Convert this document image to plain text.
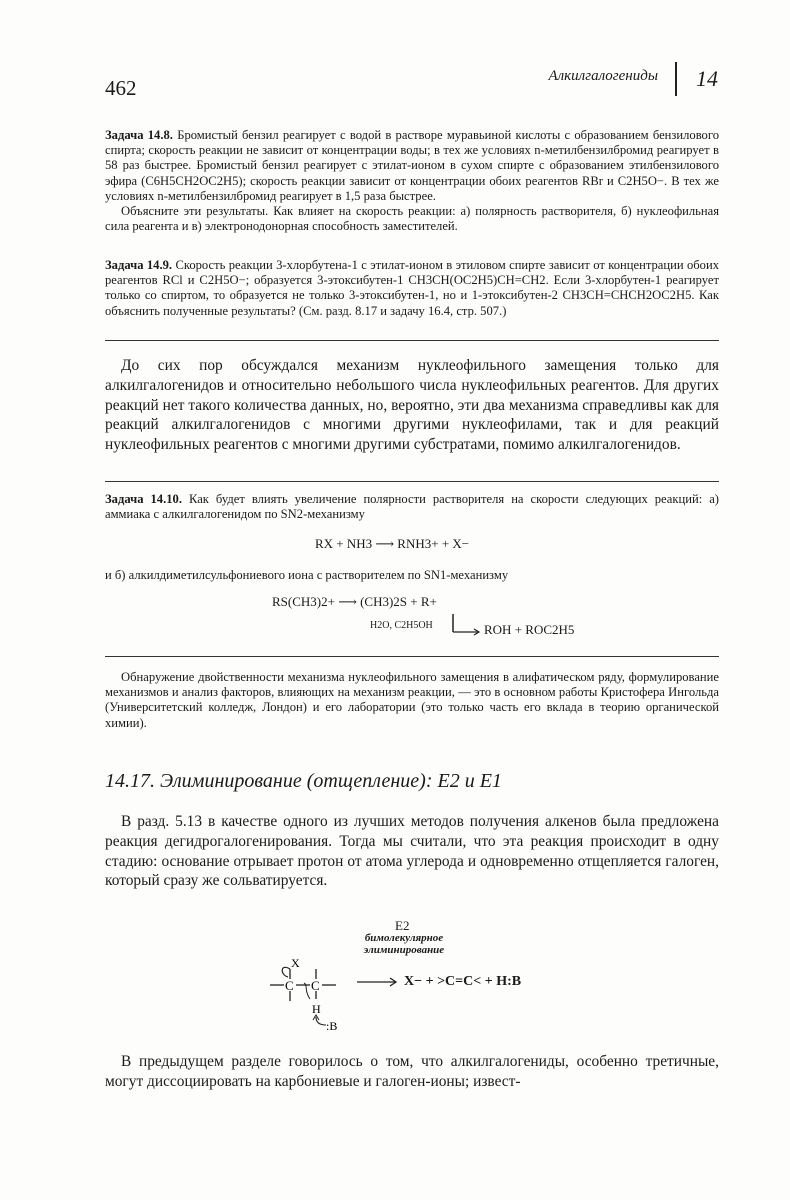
462	Алкилгалогениды 14

Задача 14.8. Бромистый бензил реагирует с водой в растворе муравьиной кислоты с образованием бензилового спирта; скорость реакции не зависит от концентрации воды; в тех же условиях n-метилбензилбромид реагирует в 58 раз быстрее. Бромистый бензил реагирует с этилат-ионом в сухом спирте с образованием этилбензилового эфира (C6H5CH2OC2H5); скорость реакции зависит от концентрации обоих реагентов RBr и C2H5O−. В тех же условиях n-метилбензилбромид реагирует в 1,5 раза быстрее.

Объясните эти результаты. Как влияет на скорость реакции: а) полярность растворителя, б) нуклеофильная сила реагента и в) электронодонорная способность заместителей.

Задача 14.9. Скорость реакции 3-хлорбутена-1 с этилат-ионом в этиловом спирте зависит от концентрации обоих реагентов RCl и C2H5O−; образуется 3-этоксибутен-1 CH3CH(OC2H5)CH=CH2. Если 3-хлорбутен-1 реагирует только со спиртом, то образуется не только 3-этоксибутен-1, но и 1-этоксибутен-2 CH3CH=CHCH2OC2H5. Как объяснить полученные результаты? (См. разд. 8.17 и задачу 16.4, стр. 507.)

До сих пор обсуждался механизм нуклеофильного замещения только для алкилгалогенидов и относительно небольшого числа нуклеофильных реагентов. Для других реакций нет такого количества данных, но, вероятно, эти два механизма справедливы как для реакций алкилгалогенидов с многими другими нуклеофилами, так и для реакций нуклеофильных реагентов с многими другими субстратами, помимо алкилгалогенидов.

Задача 14.10. Как будет влиять увеличение полярности растворителя на скорости следующих реакций: а) аммиака с алкилгалогенидом по SN2-механизму

RX + NH3 ⟶ RNH3+ + X−
и б) алкилдиметилсульфониевого иона с растворителем по SN1-механизму
RS(CH3)2+ ⟶ (CH3)2S + R+
H2O, C2H5OH → ROH + ROC2H5
Обнаружение двойственности механизма нуклеофильного замещения в алифатическом ряду, формулирование механизмов и анализ факторов, влияющих на механизм реакции, — это в основном работы Кристофера Ингольда (Университетский колледж, Лондон) и его лаборатории (это только часть его вклада в теорию органической химии).
14.17. Элиминирование (отщепление): E2 и E1
В разд. 5.13 в качестве одного из лучших методов получения алкенов была предложена реакция дегидрогалогенирования. Тогда мы считали, что эта реакция происходит в одну стадию: основание отрывает протон от атома углерода и одновременно отщепляется галоген, который сразу же сольватируется.
E2
бимолекулярное
элиминирование
C C
X
H
:B
→ X− + >C=C< + H:B
В предыдущем разделе говорилось о том, что алкилгалогениды, особенно третичные, могут диссоциировать на карбониевые и галоген-ионы; извест-
